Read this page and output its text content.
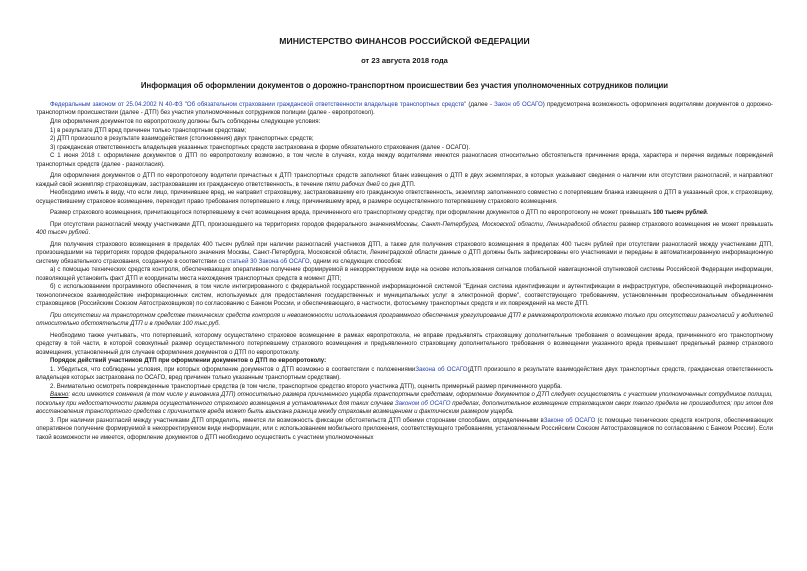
МИНИСТЕРСТВО ФИНАНСОВ РОССИЙСКОЙ ФЕДЕРАЦИИ
от 23 августа 2018 года
Информация об оформлении документов о дорожно-транспортном происшествии без участия уполномоченных сотрудников полиции

Федеральным законом от 25.04.2002 N 40-ФЗ "Об обязательном страховании гражданской ответственности владельцев транспортных средств" (далее - Закон об ОСАГО) предусмотрена возможность оформления водителями документов о дорожно-транспортном происшествии (далее - ДТП) без участия уполномоченных сотрудников полиции (далее - европротокол).

Для оформления документов по европротоколу должны быть соблюдены следующие условия:

1) в результате ДТП вред причинен только транспортным средствам;

2) ДТП произошло в результате взаимодействия (столкновения) двух транспортных средств;

3) гражданская ответственность владельцев указанных транспортных средств застрахована в форме обязательного страхования (далее - ОСАГО).

С 1 июня 2018 г. оформление документов о ДТП по европротоколу возможно, в том числе в случаях, когда между водителями имеются разногласия относительно обстоятельств причинения вреда, характера и перечня видимых повреждений транспортных средств (далее - разногласия).

Для оформления документов о ДТП по европротоколу водители причастных к ДТП транспортных средств заполняют бланк извещения о ДТП в двух экземплярах, в которых указывают сведения о наличии или отсутствии разногласий, и направляют каждый свой экземпляр страховщикам, застраховавшим их гражданскую ответственность, в течение пяти рабочих дней со дня ДТП.

Необходимо иметь в виду, что если лицо, причинившее вред, не направит страховщику, застраховавшему его гражданскую ответственность, экземпляр заполненного совместно с потерпевшим бланка извещения о ДТП в указанный срок, к страховщику, осуществившему страховое возмещение, переходит право требования потерпевшего к лицу, причинившему вред, в размере осуществленного потерпевшему страхового возмещения.

Размер страхового возмещения, причитающегося потерпевшему в счет возмещения вреда, причиненного его транспортному средству, при оформлении документов о ДТП по европротоколу не может превышать 100 тысяч рублей.

При отсутствии разногласий между участниками ДТП, произошедшего на территориях городов федерального значенияМосквы, Санкт-Петербурга, Московской области, Ленинградской области размер страхового возмещения не может превышать 400 тысяч рублей.

Для получения страхового возмещения в пределах 400 тысяч рублей при наличии разногласий участников ДТП, а также для получения страхового возмещения в пределах 400 тысяч рублей при отсутствии разногласий между участниками ДТП, произошедшими на территориях городов федерального значения Москвы, Санкт-Петербурга, Московской области, Ленинградской области данные о ДТП должны быть зафиксированы его участниками и переданы в автоматизированную информационную систему обязательного страхования, созданную в соответствии со статьей 30 Закона об ОСАГО, одним из следующих способов:

а) с помощью технических средств контроля, обеспечивающих оперативное получение формируемой в некорректируемом виде на основе использования сигналов глобальной навигационной спутниковой системы Российской Федерации информации, позволяющей установить факт ДТП и координаты места нахождения транспортных средств в момент ДТП;

б) с использованием программного обеспечения, в том числе интегрированного с федеральной государственной информационной системой "Единая система идентификации и аутентификации в инфраструктуре, обеспечивающей информационно-технологическое взаимодействие информационных систем, используемых для предоставления государственных и муниципальных услуг в электронной форме", соответствующего требованиям, установленным профессиональным объединением страховщиков (Российским Союзом Автостраховщиков) по согласованию с Банком России, и обеспечивающего, в частности, фотосъемку транспортных средств и их повреждений на месте ДТП.

При отсутствии на транспортном средстве технических средств контроля и невозможности использования программного обеспечения урегулирование ДТП в рамкахевропротокола возможно только при отсутствии разногласий у водителей относительно обстоятельств ДТП и в пределах 100 тыс.руб.

Необходимо также учитывать, что потерпевший, которому осуществлено страховое возмещение в рамках европротокола, не вправе предъявлять страховщику дополнительные требования о возмещении вреда, причиненного его транспортному средству в той части, в которой совокупный размер осуществленного потерпевшему страхового возмещения и предъявленного страховщику дополнительного требования о возмещении указанного вреда превышает предельный размер страхового возмещения, установленный для случаев оформления документов о ДТП по европротоколу.

Порядок действий участников ДТП при оформлении документов о ДТП по европротоколу:

1. Убедиться, что соблюдены условия, при которых оформление документов о ДТП возможно в соответствии с положениямиЗакона об ОСАГО(ДТП произошло в результате взаимодействия двух транспортных средств, гражданская ответственность владельцев которых застрахована по ОСАГО, вред причинен только указанным транспортным средствам).

2. Внимательно осмотреть поврежденные транспортные средства (в том числе, транспортное средство второго участника ДТП), оценить примерный размер причиненного ущерба.

Важно: если имеются сомнения (в том числе у виновника ДТП) относительно размера причиненного ущерба транспортным средствам, оформление документов о ДТП следует осуществлять с участием уполномоченных сотрудников полиции, поскольку при недостаточности размера осуществленного страхового возмещения в установленных для таких случаев Законом об ОСАГО пределах, дополнительное возмещение страховщиком сверх такого предела не производится; при этом для восстановления транспортного средства с причинителя вреда может быть взыскана разница между страховым возмещением и фактическим размером ущерба.

3. При наличии разногласий между участниками ДТП определить, имеется ли возможность фиксации обстоятельств ДТП обеими сторонами способами, определенными вЗаконе об ОСАГО (с помощью технических средств контроля, обеспечивающих оперативное получение формируемой в некорректируемом виде информации, или с использованием мобильного приложения, соответствующего требованиям, установленным Российским Союзом Автостраховщиков по согласованию с Банком России). Если такой возможности не имеется, оформление документов о ДТП необходимо осуществить с участием уполномоченных
